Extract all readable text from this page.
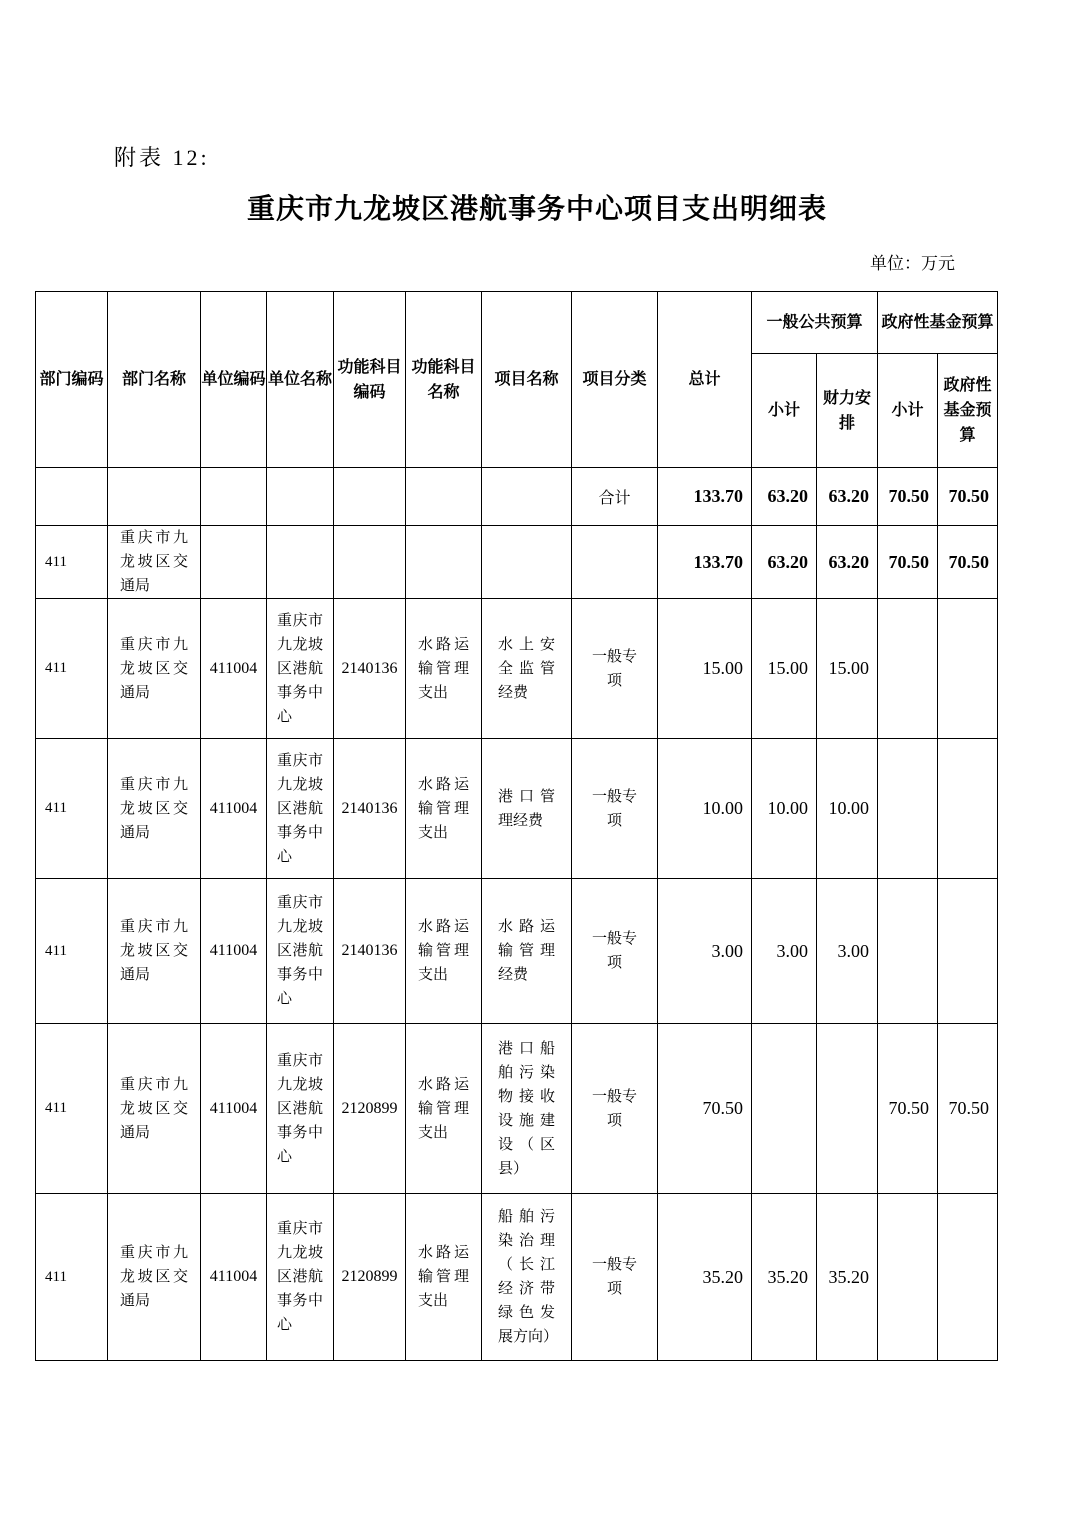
附表 12:
重庆市九龙坡区港航事务中心项目支出明细表
单位：万元
部门编码	部门名称	单位编码	单位名称	功能科目编码	功能科目名称	项目名称	项目分类	总计	一般公共预算		政府性基金预算	
									小计	财力安排	小计	政府性基金预算
							合计	133.70	63.20	63.20	70.50	70.50
411	重庆市九龙坡区交通局							133.70	63.20	63.20	70.50	70.50
411	重庆市九龙坡区交通局	411004	重庆市九龙坡区港航事务中心	2140136	水路运输管理支出	水上安全监管经费	一般专项	15.00	15.00	15.00		
411	重庆市九龙坡区交通局	411004	重庆市九龙坡区港航事务中心	2140136	水路运输管理支出	港口管理经费	一般专项	10.00	10.00	10.00		
411	重庆市九龙坡区交通局	411004	重庆市九龙坡区港航事务中心	2140136	水路运输管理支出	水路运输管理经费	一般专项	3.00	3.00	3.00		
411	重庆市九龙坡区交通局	411004	重庆市九龙坡区港航事务中心	2120899	水路运输管理支出	港口船舶污染物接收设施建设（区县）	一般专项	70.50			70.50	70.50
411	重庆市九龙坡区交通局	411004	重庆市九龙坡区港航事务中心	2120899	水路运输管理支出	船舶污染治理（长江经济带绿色发展方向）	一般专项	35.20	35.20	35.20		
